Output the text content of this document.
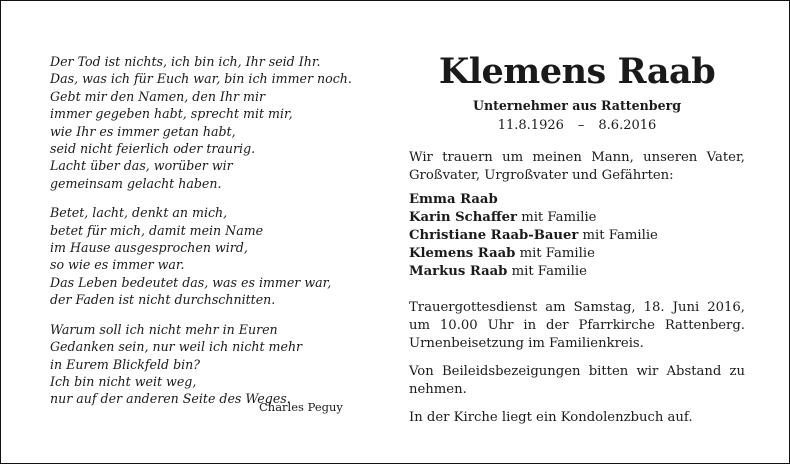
Der Tod ist nichts, ich bin ich, Ihr seid Ihr.
Das, was ich für Euch war, bin ich immer noch.
Gebt mir den Namen, den Ihr mir
immer gegeben habt, sprecht mit mir,
wie Ihr es immer getan habt,
seid nicht feierlich oder traurig.
Lacht über das, worüber wir
gemeinsam gelacht haben.
Betet, lacht, denkt an mich,
betet für mich, damit mein Name
im Hause ausgesprochen wird,
so wie es immer war.
Das Leben bedeutet das, was es immer war,
der Faden ist nicht durchschnitten.
Warum soll ich nicht mehr in Euren
Gedanken sein, nur weil ich nicht mehr
in Eurem Blickfeld bin?
Ich bin nicht weit weg,
nur auf der anderen Seite des Weges.
Charles Peguy
Klemens Raab
Unternehmer aus Rattenberg
11.8.1926 – 8.6.2016
Wir trauern um meinen Mann, unseren Vater, Großvater, Urgroßvater und Gefährten:
Emma Raab
Karin Schaffer mit Familie
Christiane Raab-Bauer mit Familie
Klemens Raab mit Familie
Markus Raab mit Familie
Trauergottesdienst am Samstag, 18. Juni 2016, um 10.00 Uhr in der Pfarrkirche Rattenberg. Urnenbeisetzung im Familienkreis.
Von Beileidsbezeigungen bitten wir Abstand zu nehmen.
In der Kirche liegt ein Kondolenzbuch auf.
